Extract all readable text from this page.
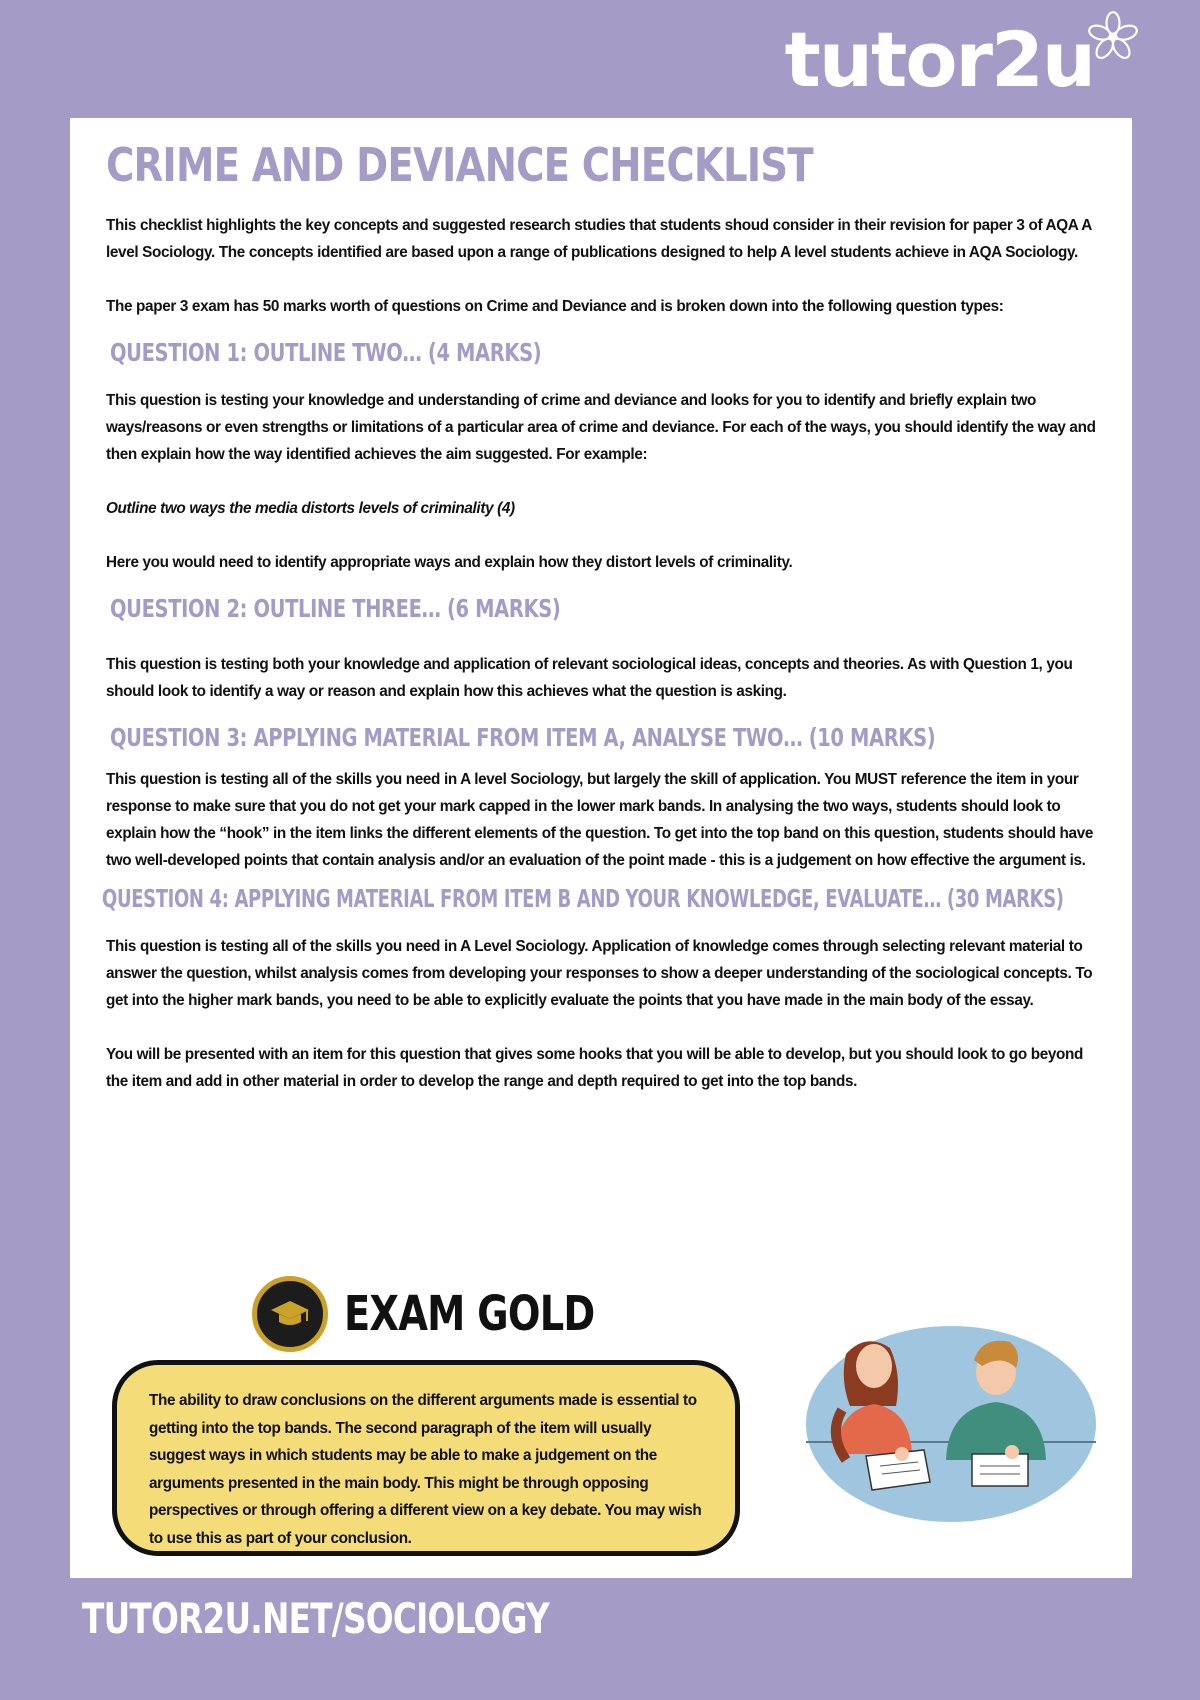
tutor2u
CRIME AND DEVIANCE CHECKLIST

This checklist highlights the key concepts and suggested research studies that students shoud consider in their revision for paper 3 of AQA A level Sociology. The concepts identified are based upon a range of publications designed to help A level students achieve in AQA Sociology.

The paper 3 exam has 50 marks worth of questions on Crime and Deviance and is broken down into the following question types:

QUESTION 1: OUTLINE TWO… (4 MARKS)

This question is testing your knowledge and understanding of crime and deviance and looks for you to identify and briefly explain two ways/reasons or even strengths or limitations of a particular area of crime and deviance. For each of the ways, you should identify the way and then explain how the way identified achieves the aim suggested. For example:

Outline two ways the media distorts levels of criminality (4)

Here you would need to identify appropriate ways and explain how they distort levels of criminality.

QUESTION 2: OUTLINE THREE… (6 MARKS)

This question is testing both your knowledge and application of relevant sociological ideas, concepts and theories. As with Question 1, you should look to identify a way or reason and explain how this achieves what the question is asking.

QUESTION 3: APPLYING MATERIAL FROM ITEM A, ANALYSE TWO… (10 MARKS)

This question is testing all of the skills you need in A level Sociology, but largely the skill of application. You MUST reference the item in your response to make sure that you do not get your mark capped in the lower mark bands. In analysing the two ways, students should look to explain how the “hook” in the item links the different elements of the question. To get into the top band on this question, students should have two well-developed points that contain analysis and/or an evaluation of the point made - this is a judgement on how effective the argument is.

QUESTION 4: APPLYING MATERIAL FROM ITEM B AND YOUR KNOWLEDGE, EVALUATE… (30 MARKS)

This question is testing all of the skills you need in A Level Sociology. Application of knowledge comes through selecting relevant material to answer the question, whilst analysis comes from developing your responses to show a deeper understanding of the sociological concepts. To get into the higher mark bands, you need to be able to explicitly evaluate the points that you have made in the main body of the essay.

You will be presented with an item for this question that gives some hooks that you will be able to develop, but you should look to go beyond the item and add in other material in order to develop the range and depth required to get into the top bands.

EXAM GOLD

The ability to draw conclusions on the different arguments made is essential to getting into the top bands. The second paragraph of the item will usually suggest ways in which students may be able to make a judgement on the arguments presented in the main body. This might be through opposing perspectives or through offering a different view on a key debate. You may wish to use this as part of your conclusion.

TUTOR2U.NET/SOCIOLOGY
